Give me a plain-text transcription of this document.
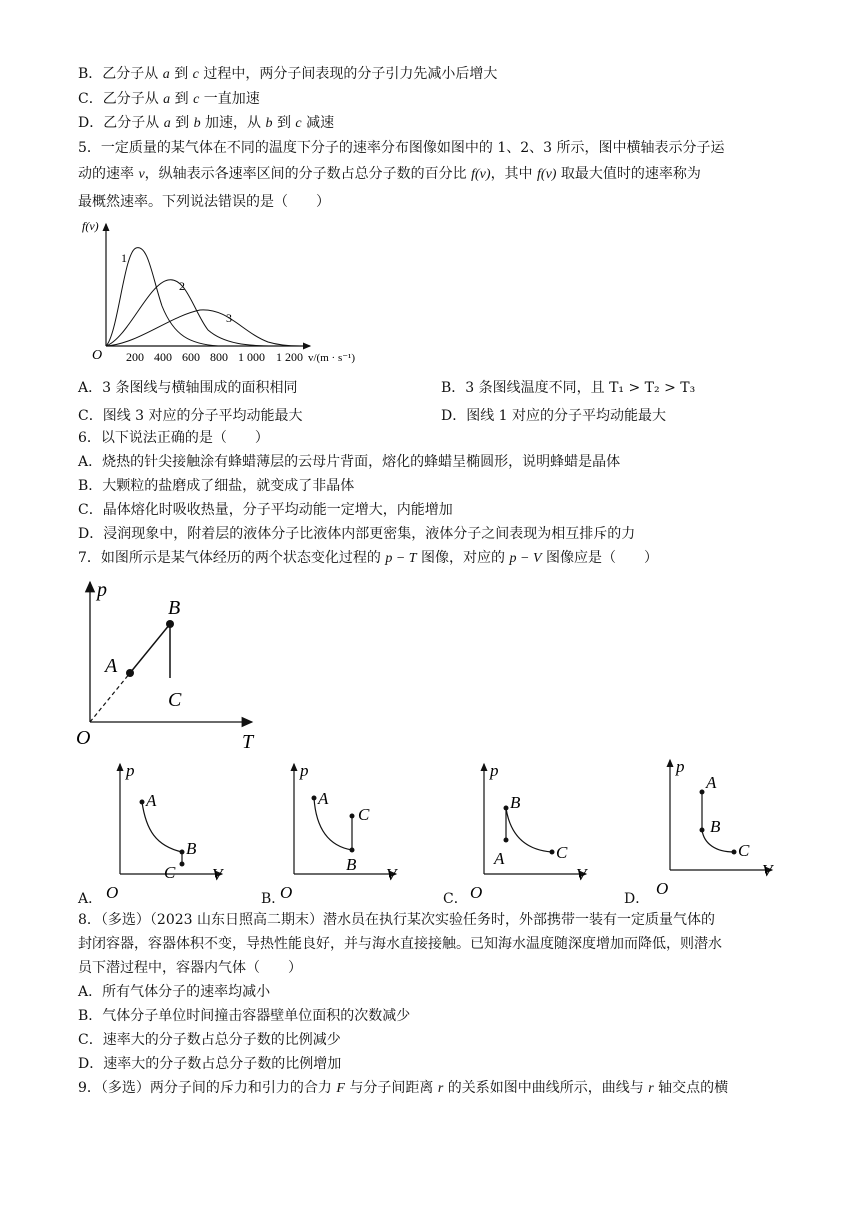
B．乙分子从 a 到 c 过程中，两分子间表现的分子引力先减小后增大
C．乙分子从 a 到 c 一直加速
D．乙分子从 a 到 b 加速，从 b 到 c 减速
5．一定质量的某气体在不同的温度下分子的速率分布图像如图中的 1、2、3 所示，图中横轴表示分子运
动的速率 v，纵轴表示各速率区间的分子数占总分子数的百分比 f(v)，其中 f(v) 取最大值时的速率称为
最概然速率。下列说法错误的是（　　）
f(v)
O 200 400 600 800 1 000 1 200 v/(m · s⁻¹)
1
2
3
A．3 条图线与横轴围成的面积相同	B．3 条图线温度不同，且 T₁ > T₂ > T₃
C．图线 3 对应的分子平均动能最大	D．图线 1 对应的分子平均动能最大
6．以下说法正确的是（　　）
A．烧热的针尖接触涂有蜂蜡薄层的云母片背面，熔化的蜂蜡呈椭圆形，说明蜂蜡是晶体
B．大颗粒的盐磨成了细盐，就变成了非晶体
C．晶体熔化时吸收热量，分子平均动能一定增大，内能增加
D．浸润现象中，附着层的液体分子比液体内部更密集，液体分子之间表现为相互排斥的力
7．如图所示是某气体经历的两个状态变化过程的 p − T 图像，对应的 p − V 图像应是（　　）
p
T
O
A
B
C
A．
p
V
O
A
B
C
B．
p
V
O
A
B
C
C．
p
V
O
B
A	C
D．
p
V
O
A
B
C
8．（多选）（2023 山东日照高二期末）潜水员在执行某次实验任务时，外部携带一装有一定质量气体的
封闭容器，容器体积不变，导热性能良好，并与海水直接接触。已知海水温度随深度增加而降低，则潜水
员下潜过程中，容器内气体（　　）
A．所有气体分子的速率均减小
B．气体分子单位时间撞击容器壁单位面积的次数减少
C．速率大的分子数占总分子数的比例减少
D．速率大的分子数占总分子数的比例增加
9．（多选）两分子间的斥力和引力的合力 F 与分子间距离 r 的关系如图中曲线所示，曲线与 r 轴交点的横
